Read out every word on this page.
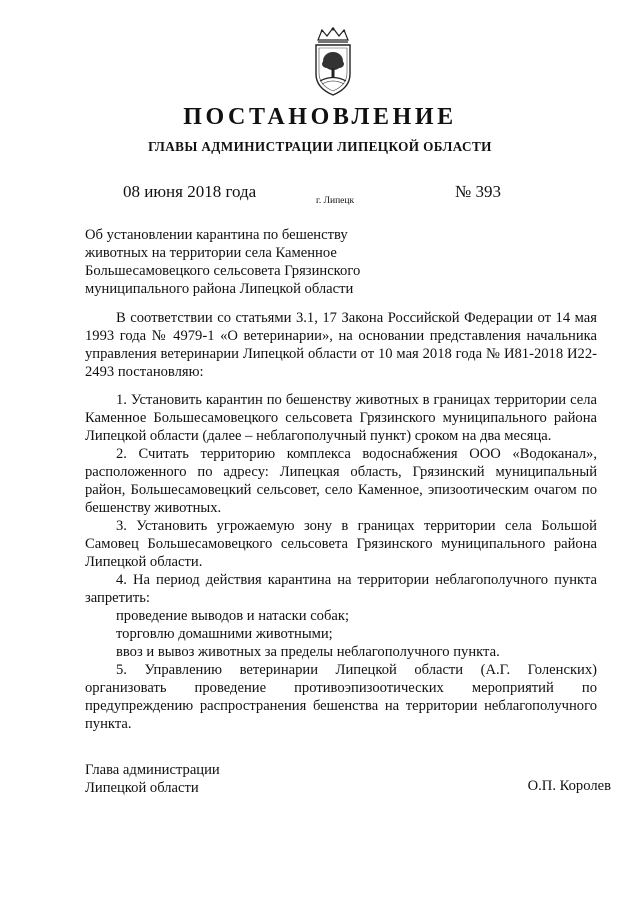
ПОСТАНОВЛЕНИЕ
ГЛАВЫ АДМИНИСТРАЦИИ ЛИПЕЦКОЙ ОБЛАСТИ
08 июня 2018 года	г. Липецк	№ 393
Об установлении карантина по бешенству
животных на территории села Каменное
Большесамовецкого сельсовета Грязинского
муниципального района Липецкой области

В соответствии со статьями 3.1, 17 Закона Российской Федерации от 14 мая 1993 года № 4979-1 «О ветеринарии», на основании представления начальника управления ветеринарии Липецкой области от 10 мая 2018 года № И81-2018 И22-2493 постановляю:

1. Установить карантин по бешенству животных в границах территории села Каменное Большесамовецкого сельсовета Грязинского муниципального района Липецкой области (далее – неблагополучный пункт) сроком на два месяца.

2. Считать территорию комплекса водоснабжения ООО «Водоканал», расположенного по адресу: Липецкая область, Грязинский муниципальный район, Большесамовецкий сельсовет, село Каменное, эпизоотическим очагом по бешенству животных.

3. Установить угрожаемую зону в границах территории села Большой Самовец Большесамовецкого сельсовета Грязинского муниципального района Липецкой области.

4. На период действия карантина на территории неблагополучного пункта запретить:

проведение выводов и натаски собак;

торговлю домашними животными;

ввоз и вывоз животных за пределы неблагополучного пункта.

5. Управлению ветеринарии Липецкой области (А.Г. Голенских) организовать проведение противоэпизоотических мероприятий по предупреждению распространения бешенства на территории неблагополучного пункта.

Глава администрации
Липецкой области	О.П. Королев
